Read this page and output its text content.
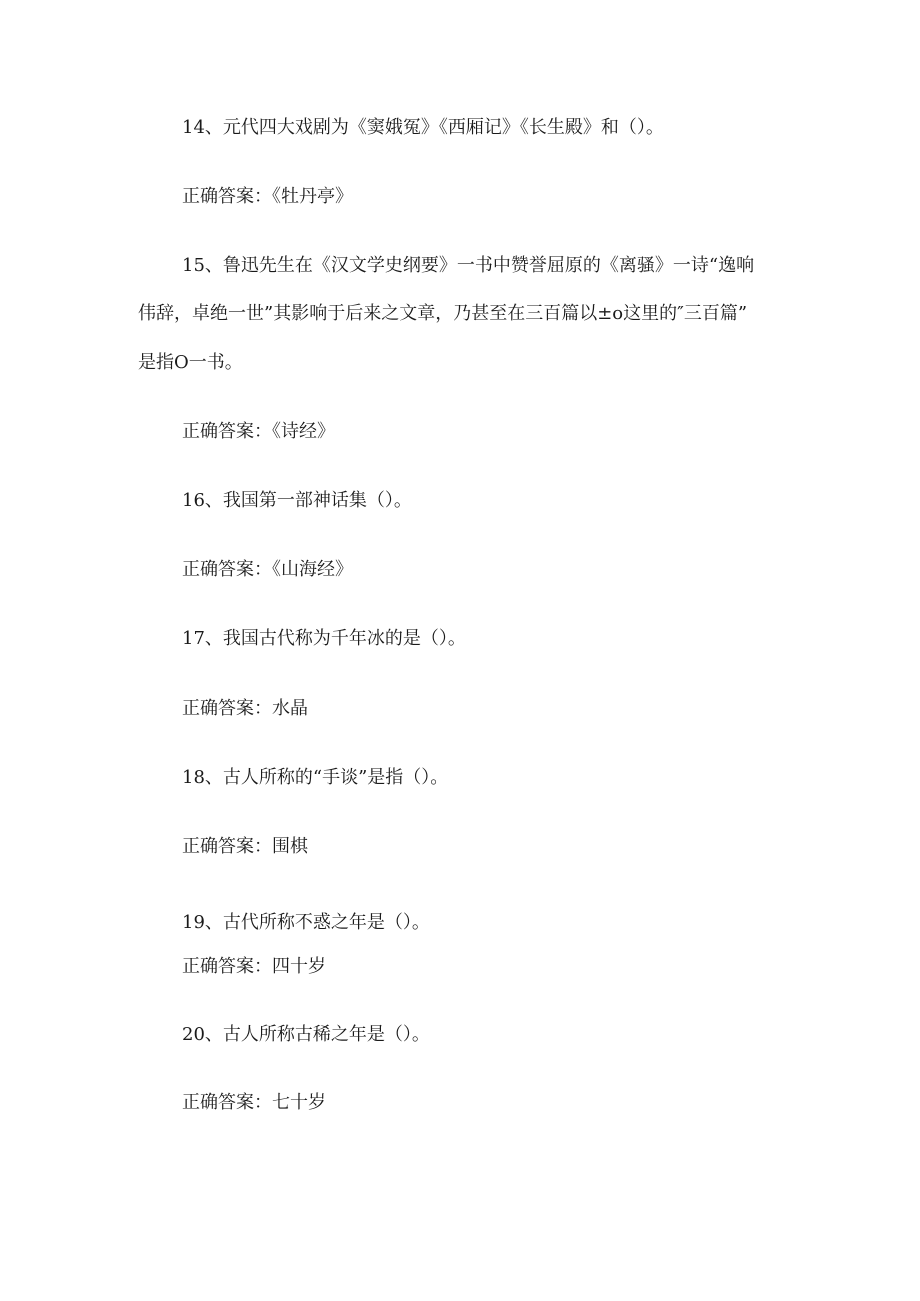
14、元代四大戏剧为《窦娥冤》《西厢记》《长生殿》和（）。
正确答案：《牡丹亭》
15、鲁迅先生在《汉文学史纲要》一书中赞誉屈原的《离骚》一诗“逸响
伟辞，卓绝一世”其影响于后来之文章，乃甚至在三百篇以±o这里的″三百篇”
是指O一书。
正确答案：《诗经》
16、我国第一部神话集（）。
正确答案：《山海经》
17、我国古代称为千年冰的是（）。
正确答案：水晶
18、古人所称的“手谈”是指（）。
正确答案：围棋
19、古代所称不惑之年是（）。
正确答案：四十岁
20、古人所称古稀之年是（）。
正确答案：七十岁
